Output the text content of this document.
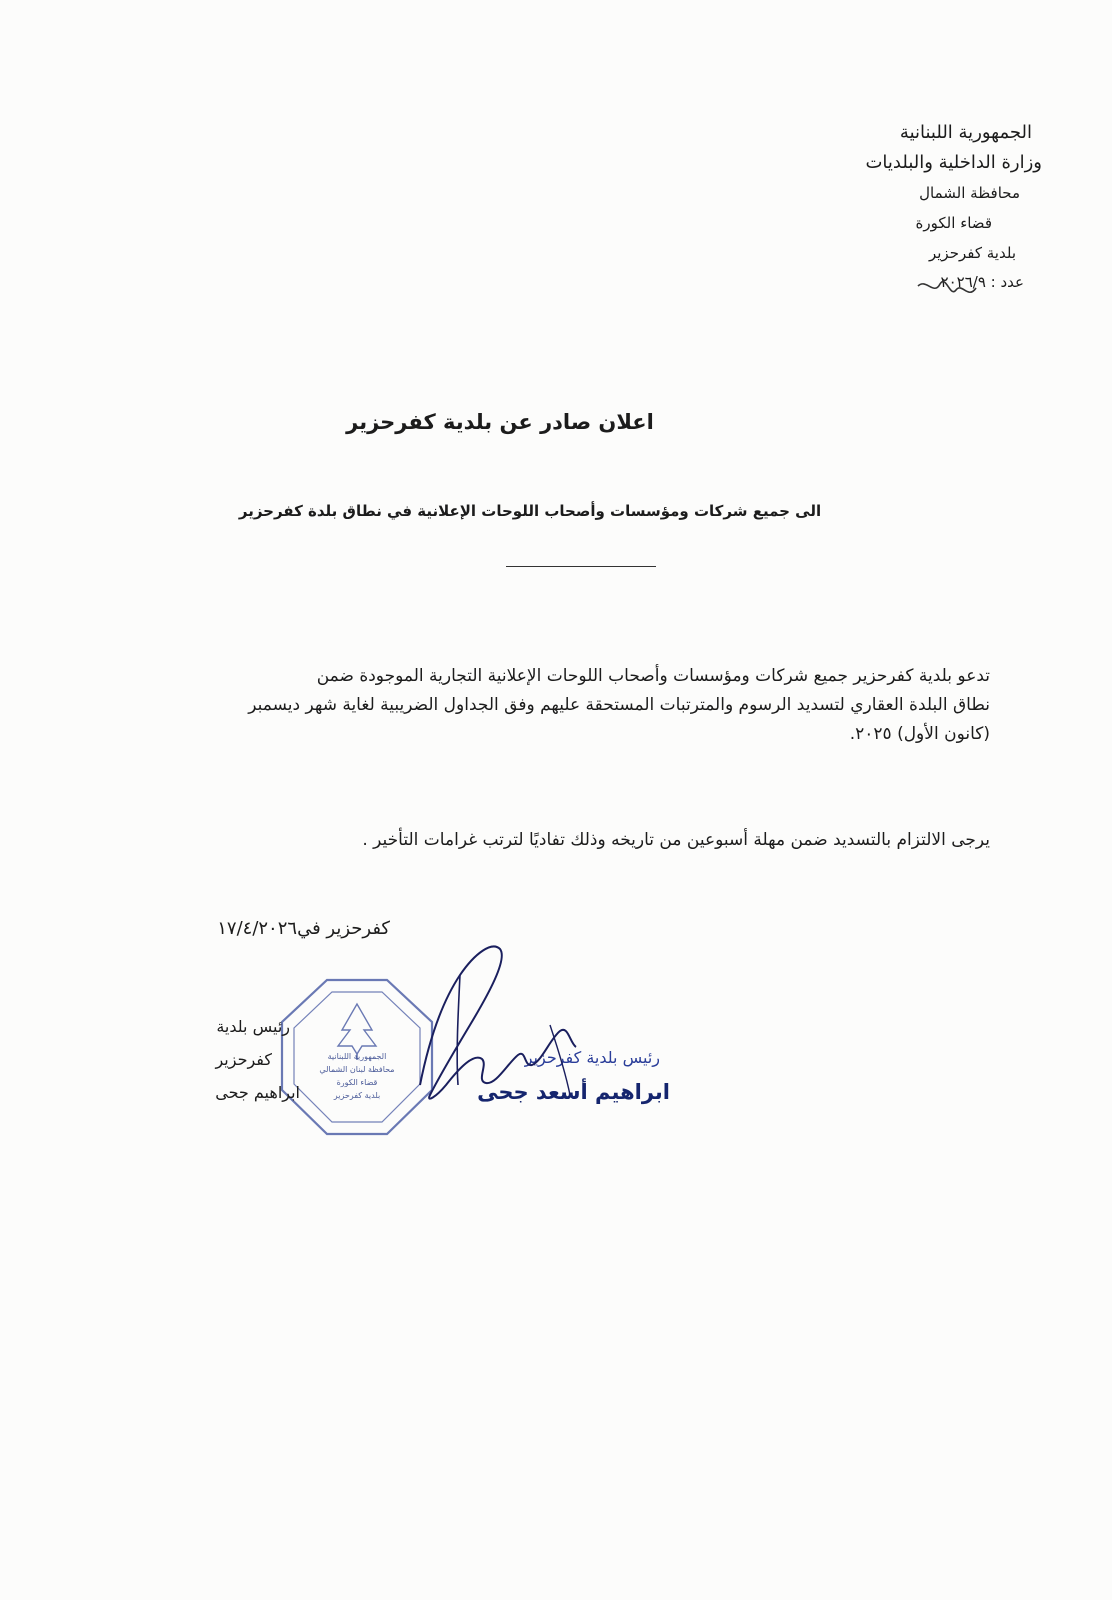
الجمهورية اللبنانية
وزارة الداخلية والبلديات
محافظة الشمال
قضاء الكورة
بلدية كفرحزير
عدد : ٢٠٢٦/٩
اعلان صادر عن بلدية كفرحزير
الى جميع شركات ومؤسسات وأصحاب اللوحات الإعلانية في نطاق بلدة كفرحزير
تدعو بلدية كفرحزير جميع شركات ومؤسسات وأصحاب اللوحات الإعلانية التجارية الموجودة ضمن
نطاق البلدة العقاري لتسديد الرسوم والمترتبات المستحقة عليهم وفق الجداول الضريبية لغاية شهر ديسمبر
(كانون الأول) ٢٠٢٥.
يرجى الالتزام بالتسديد ضمن مهلة أسبوعين من تاريخه وذلك تفاديًا لترتب غرامات التأخير .
كفرحزير في١٧/٤/٢٠٢٦
الجمهورية اللبنانية
محافظة لبنان الشمالي
قضاء الكورة
بلدية كفرحزير
رئيس بلدية
كفرحزير
ابراهيم جحى
رئيس بلدية كفرحزير
ابراهيم أسعد جحى
